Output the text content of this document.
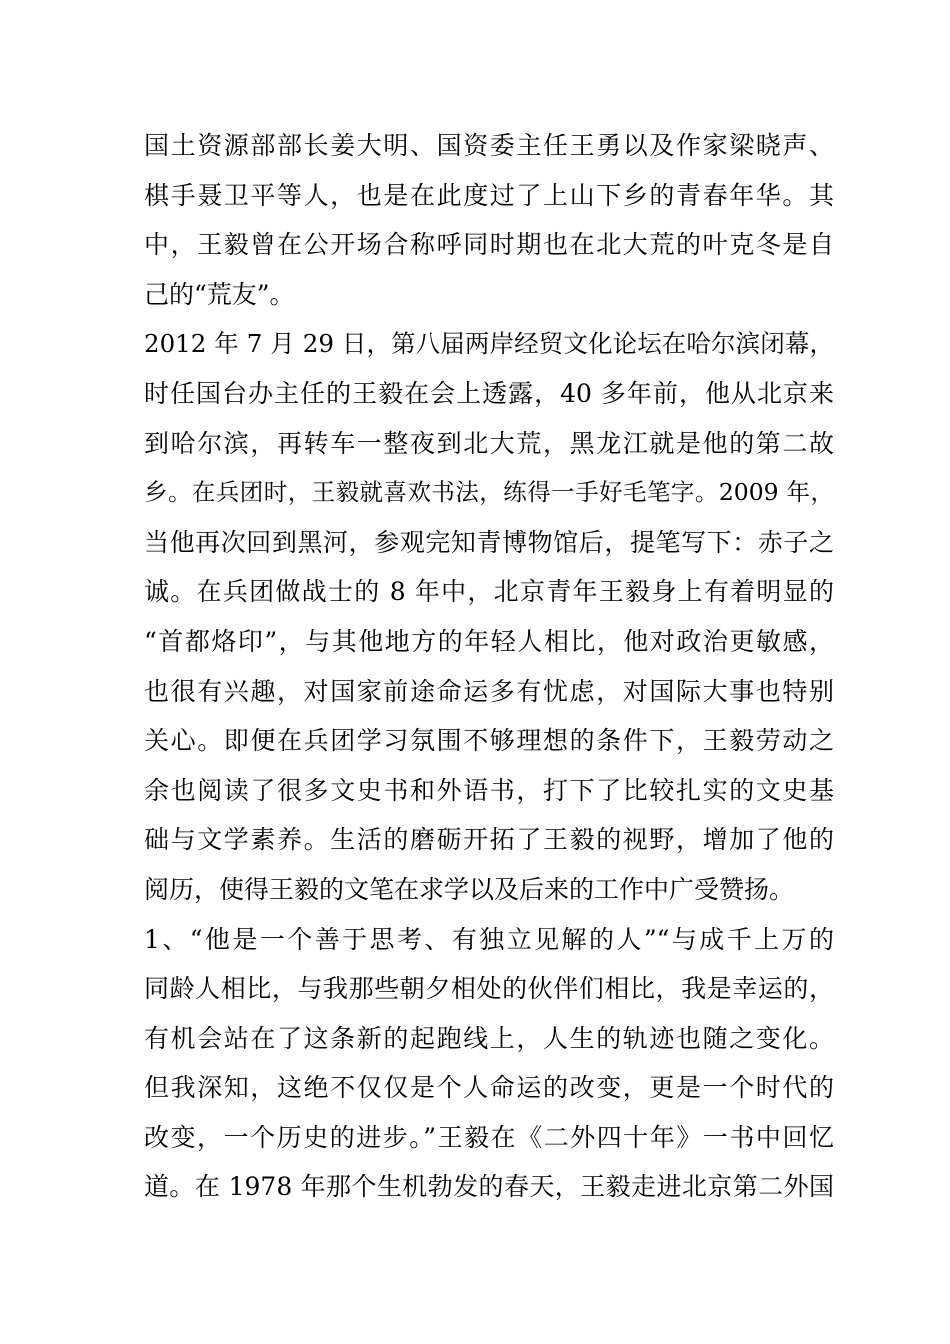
国土资源部部长姜大明、国资委主任王勇以及作家梁晓声、
棋手聂卫平等人，也是在此度过了上山下乡的青春年华。其
中，王毅曾在公开场合称呼同时期也在北大荒的叶克冬是自
己的“荒友”。
2012 年 7 月 29 日，第八届两岸经贸文化论坛在哈尔滨闭幕，
时任国台办主任的王毅在会上透露，40 多年前，他从北京来
到哈尔滨，再转车一整夜到北大荒，黑龙江就是他的第二故
乡。在兵团时，王毅就喜欢书法，练得一手好毛笔字。2009 年，
当他再次回到黑河，参观完知青博物馆后，提笔写下：赤子之
诚。在兵团做战士的 8 年中，北京青年王毅身上有着明显的
“首都烙印”，与其他地方的年轻人相比，他对政治更敏感，
也很有兴趣，对国家前途命运多有忧虑，对国际大事也特别
关心。即便在兵团学习氛围不够理想的条件下，王毅劳动之
余也阅读了很多文史书和外语书，打下了比较扎实的文史基
础与文学素养。生活的磨砺开拓了王毅的视野，增加了他的
阅历，使得王毅的文笔在求学以及后来的工作中广受赞扬。
1、“他是一个善于思考、有独立见解的人”“与成千上万的
同龄人相比，与我那些朝夕相处的伙伴们相比，我是幸运的，
有机会站在了这条新的起跑线上，人生的轨迹也随之变化。
但我深知，这绝不仅仅是个人命运的改变，更是一个时代的
改变，一个历史的进步。”王毅在《二外四十年》一书中回忆
道。在 1978 年那个生机勃发的春天，王毅走进北京第二外国
